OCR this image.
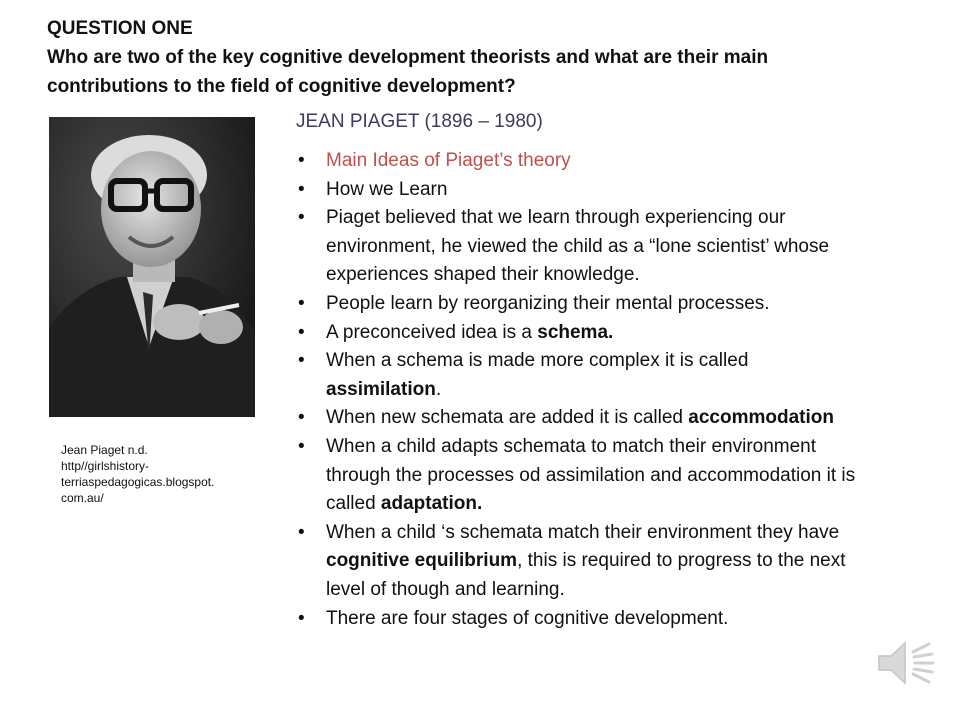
QUESTION ONE
Who are two of the key cognitive development theorists and what are their main
contributions to the field of cognitive development?
Jean Piaget n.d.
http//girlshistory-
terriaspedagogicas.blogspot.
com.au/
JEAN PIAGET (1896 – 1980)
• Main Ideas of Piaget’s theory
• How we Learn
• Piaget believed that we learn through experiencing our environment, he viewed the child as a “lone scientist’ whose experiences shaped their knowledge.
• People learn by reorganizing their mental processes.
• A preconceived idea is a schema.
• When a schema is made more complex it is called assimilation.
• When new schemata are added it is called accommodation
• When a child adapts schemata to match their environment through the processes od assimilation and accommodation it is called adaptation.
• When a child ‘s schemata match their environment they have cognitive equilibrium, this is required to progress to the next level of though and learning.
• There are four stages of cognitive development.
